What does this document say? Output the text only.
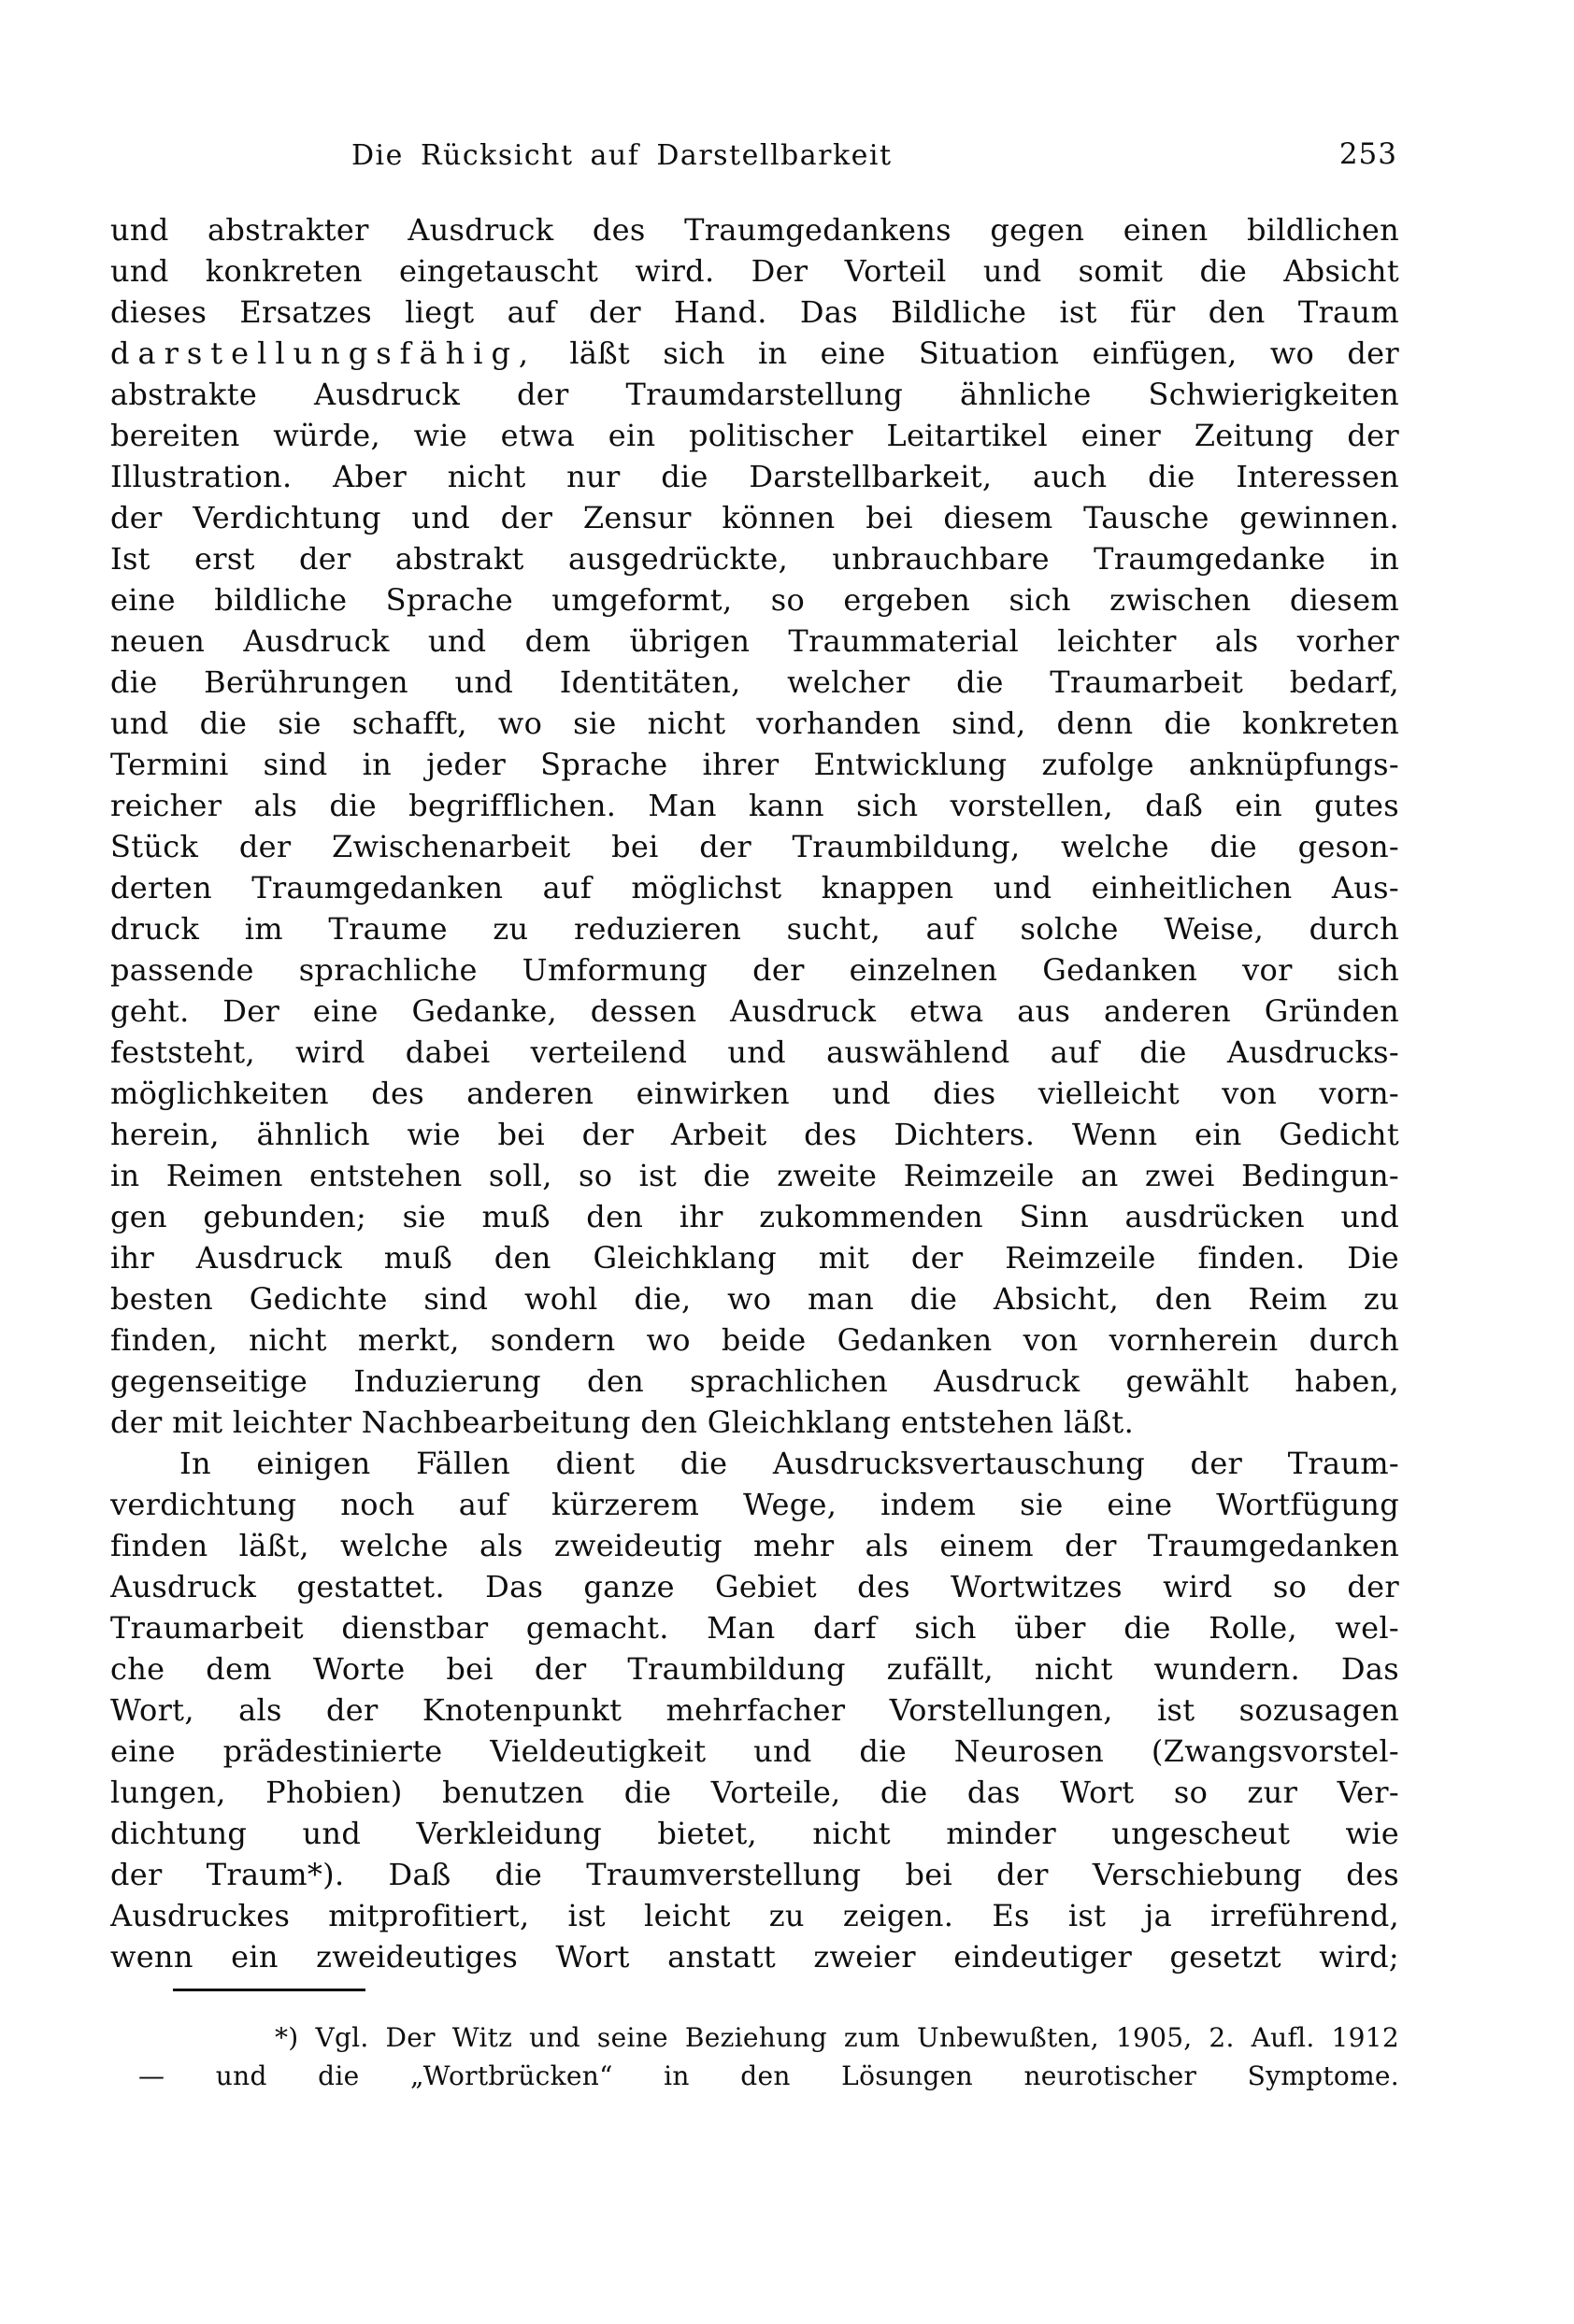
Die Rücksicht auf Darstellbarkeit	253
und abstrakter Ausdruck des Traumgedankens gegen einen bildlichen
und konkreten eingetauscht wird. Der Vorteil und somit die Absicht
dieses Ersatzes liegt auf der Hand. Das Bildliche ist für den Traum
darstellungsfähig, läßt sich in eine Situation einfügen, wo der
abstrakte Ausdruck der Traumdarstellung ähnliche Schwierigkeiten
bereiten würde, wie etwa ein politischer Leitartikel einer Zeitung der
Illustration. Aber nicht nur die Darstellbarkeit, auch die Interessen
der Verdichtung und der Zensur können bei diesem Tausche gewinnen.
Ist erst der abstrakt ausgedrückte, unbrauchbare Traumgedanke in
eine bildliche Sprache umgeformt, so ergeben sich zwischen diesem
neuen Ausdruck und dem übrigen Traummaterial leichter als vorher
die Berührungen und Identitäten, welcher die Traumarbeit bedarf,
und die sie schafft, wo sie nicht vorhanden sind, denn die konkreten
Termini sind in jeder Sprache ihrer Entwicklung zufolge anknüpfungs-
reicher als die begrifflichen. Man kann sich vorstellen, daß ein gutes
Stück der Zwischenarbeit bei der Traumbildung, welche die geson-
derten Traumgedanken auf möglichst knappen und einheitlichen Aus-
druck im Traume zu reduzieren sucht, auf solche Weise, durch
passende sprachliche Umformung der einzelnen Gedanken vor sich
geht. Der eine Gedanke, dessen Ausdruck etwa aus anderen Gründen
feststeht, wird dabei verteilend und auswählend auf die Ausdrucks-
möglichkeiten des anderen einwirken und dies vielleicht von vorn-
herein, ähnlich wie bei der Arbeit des Dichters. Wenn ein Gedicht
in Reimen entstehen soll, so ist die zweite Reimzeile an zwei Bedingun-
gen gebunden; sie muß den ihr zukommenden Sinn ausdrücken und
ihr Ausdruck muß den Gleichklang mit der Reimzeile finden. Die
besten Gedichte sind wohl die, wo man die Absicht, den Reim zu
finden, nicht merkt, sondern wo beide Gedanken von vornherein durch
gegenseitige Induzierung den sprachlichen Ausdruck gewählt haben,
der mit leichter Nachbearbeitung den Gleichklang entstehen läßt.
In einigen Fällen dient die Ausdrucksvertauschung der Traum-
verdichtung noch auf kürzerem Wege, indem sie eine Wortfügung
finden läßt, welche als zweideutig mehr als einem der Traumgedanken
Ausdruck gestattet. Das ganze Gebiet des Wortwitzes wird so der
Traumarbeit dienstbar gemacht. Man darf sich über die Rolle, wel-
che dem Worte bei der Traumbildung zufällt, nicht wundern. Das
Wort, als der Knotenpunkt mehrfacher Vorstellungen, ist sozusagen
eine prädestinierte Vieldeutigkeit und die Neurosen (Zwangsvorstel-
lungen, Phobien) benutzen die Vorteile, die das Wort so zur Ver-
dichtung und Verkleidung bietet, nicht minder ungescheut wie
der Traum*). Daß die Traumverstellung bei der Verschiebung des
Ausdruckes mitprofitiert, ist leicht zu zeigen. Es ist ja irreführend,
wenn ein zweideutiges Wort anstatt zweier eindeutiger gesetzt wird;
*) Vgl. Der Witz und seine Beziehung zum Unbewußten, 1905, 2. Aufl. 1912
— und die „Wortbrücken“ in den Lösungen neurotischer Symptome.
